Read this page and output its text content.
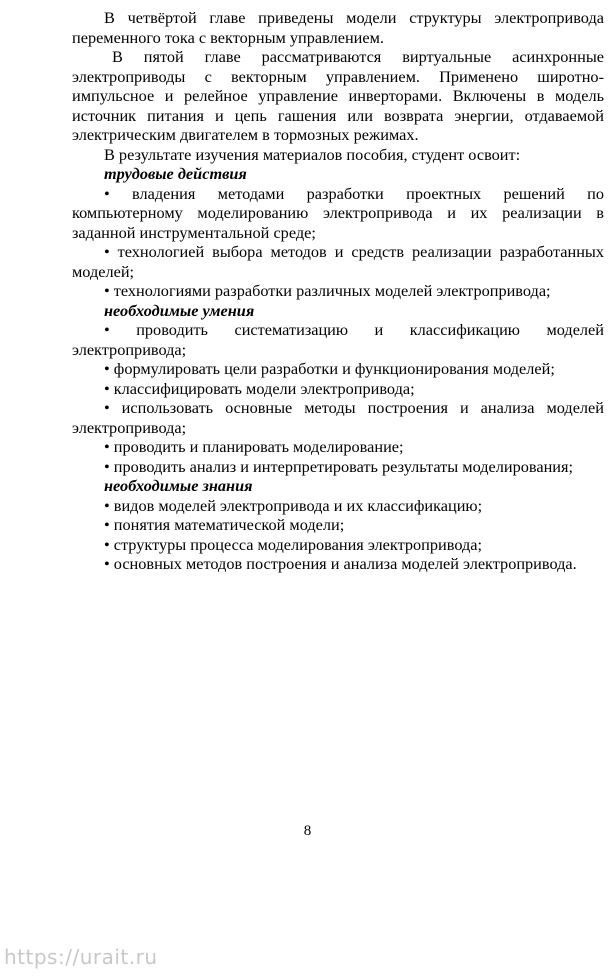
В четвёртой главе приведены модели структуры электропривода переменного тока с векторным управлением.

В пятой главе рассматриваются виртуальные асинхронные электроприводы с векторным управлением. Применено широтно-импульсное и релейное управление инверторами. Включены в модель источник питания и цепь гашения или возврата энергии, отдаваемой электрическим двигателем в тормозных режимах.

В результате изучения материалов пособия, студент освоит:

трудовые действия

• владения методами разработки проектных решений по компьютерному моделированию электропривода и их реализации в заданной инструментальной среде;

• технологией выбора методов и средств реализации разработанных моделей;

• технологиями разработки различных моделей электропривода;

необходимые умения

• проводить систематизацию и классификацию моделей электропривода;

• формулировать цели разработки и функционирования моделей;

• классифицировать модели электропривода;

• использовать основные методы построения и анализа моделей электропривода;

• проводить и планировать моделирование;

• проводить анализ и интерпретировать результаты моделирования;

необходимые знания

• видов моделей электропривода и их классификацию;

• понятия математической модели;

• структуры процесса моделирования электропривода;

• основных методов построения и анализа моделей электропривода.

8
https://urait.ru
